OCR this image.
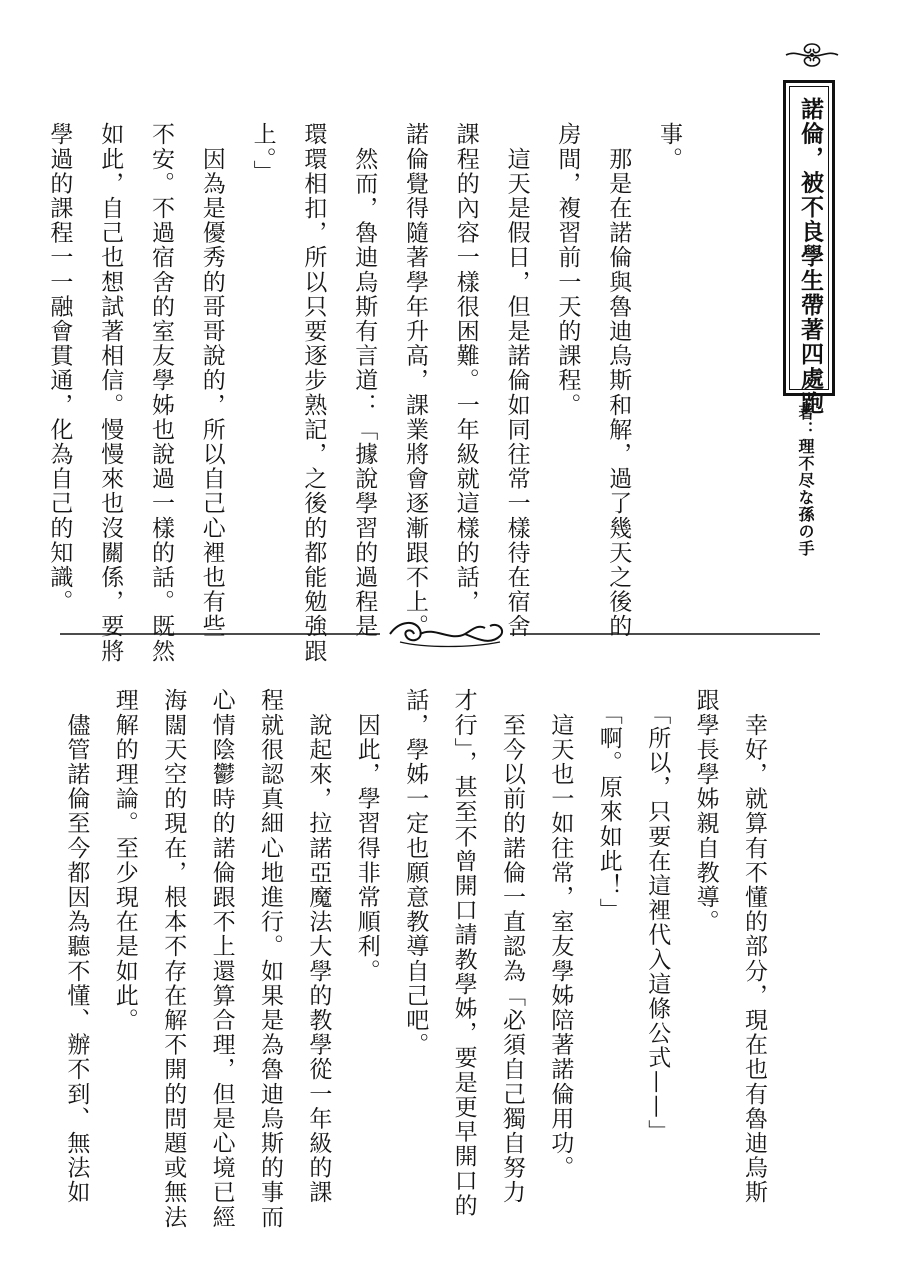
諾倫，被不良學生帶著四處跑
著：理不尽な孫の手
事。
　那是在諾倫與魯迪烏斯和解，過了幾天之後的
房間，複習前一天的課程。
　這天是假日，但是諾倫如同往常一樣待在宿舍
課程的內容一樣很困難。一年級就這樣的話，
諾倫覺得隨著學年升高，課業將會逐漸跟不上。
　然而，魯迪烏斯有言道：「據說學習的過程是
環環相扣，所以只要逐步熟記，之後的都能勉強跟
上。」
　因為是優秀的哥哥說的，所以自己心裡也有些
不安。不過宿舍的室友學姊也說過一樣的話。既然
如此，自己也想試著相信。慢慢來也沒關係，要將
學過的課程一一融會貫通，化為自己的知識。
　幸好，就算有不懂的部分，現在也有魯迪烏斯
跟學長學姊親自教導。
　「所以，只要在這裡代入這條公式——」
　「啊。原來如此！」
　這天也一如往常，室友學姊陪著諾倫用功。
　至今以前的諾倫一直認為「必須自己獨自努力
才行」，甚至不曾開口請教學姊，要是更早開口的
話，學姊一定也願意教導自己吧。
　因此，學習得非常順利。
　說起來，拉諾亞魔法大學的教學從一年級的課
程就很認真細心地進行。如果是為魯迪烏斯的事而
心情陰鬱時的諾倫跟不上還算合理，但是心境已經
海闊天空的現在，根本不存在解不開的問題或無法
理解的理論。至少現在是如此。
　儘管諾倫至今都因為聽不懂、辦不到、無法如
